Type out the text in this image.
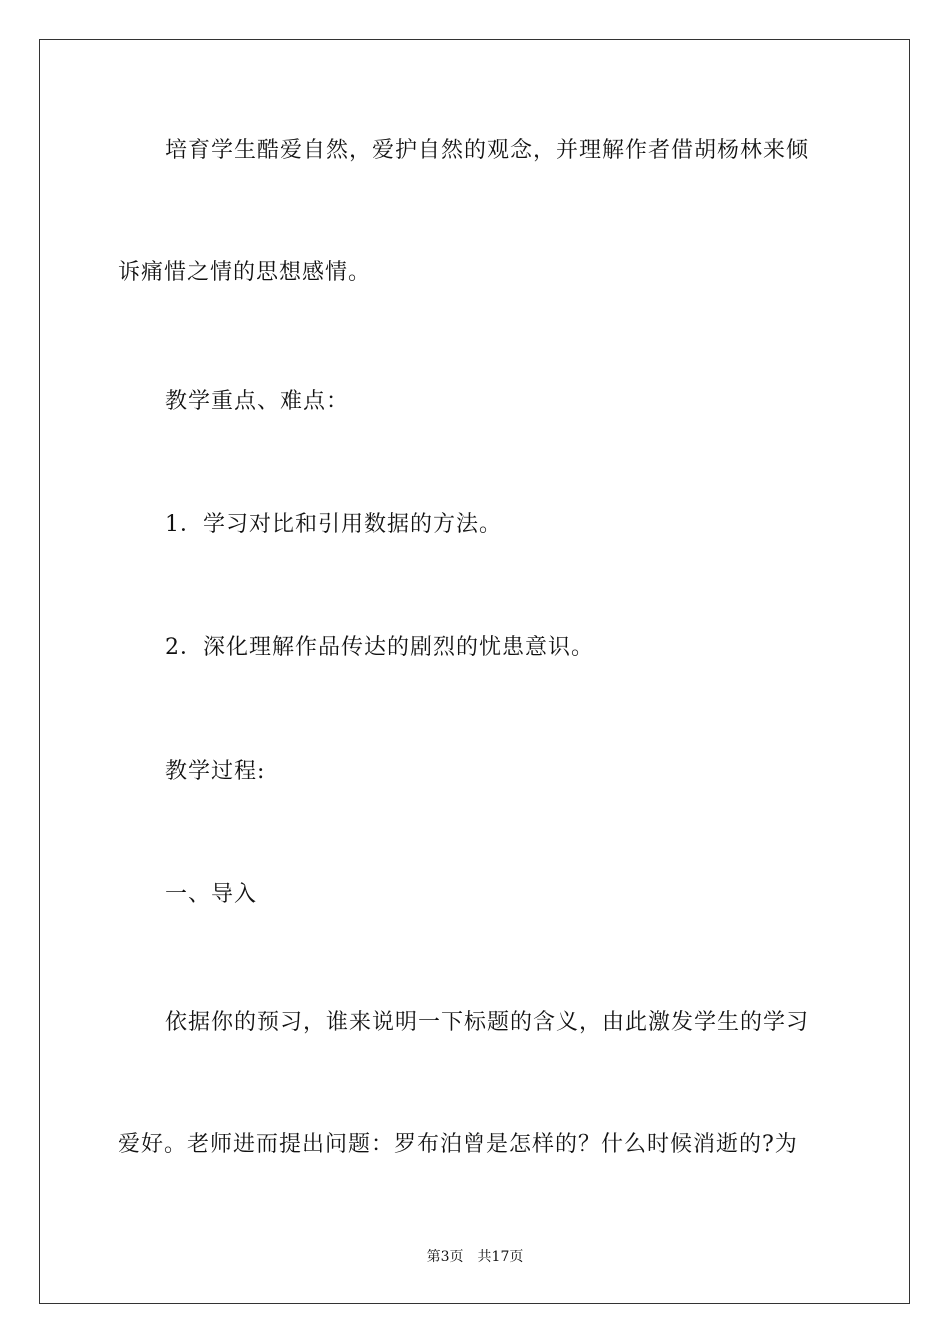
培育学生酷爱自然，爱护自然的观念，并理解作者借胡杨林来倾
诉痛惜之情的思想感情。
教学重点、难点：
1．学习对比和引用数据的方法。
2．深化理解作品传达的剧烈的忧患意识。
教学过程:
一、导入
依据你的预习，谁来说明一下标题的含义，由此激发学生的学习
爱好。老师进而提出问题：罗布泊曾是怎样的？什么时候消逝的?为
第3页　共17页
